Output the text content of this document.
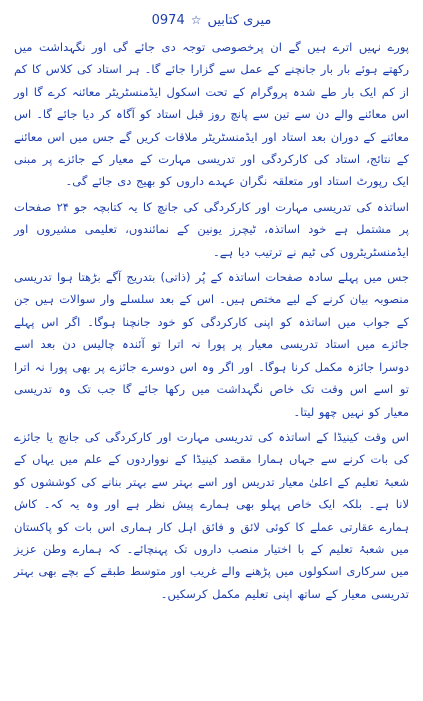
میری کتابیں
☆
0974

پورے نہیں اترے ہیں گے ان پرخصوصی توجہ دی جائے گی اور نگہداشت میں رکھتے ہوئے بار بار جانچنے کے عمل سے گزارا جائے گا۔ ہر استاد کی کلاس کا کم از کم ایک بار طے شدہ پروگرام کے تحت اسکول ایڈمنسٹریٹر معائنہ کرے گا اور اس معائنے والے دن سے تین سے پانچ روز قبل استاد کو آگاہ کر دیا جائے گا۔ اس معائنے کے دوران بعد استاد اور ایڈمنسٹریٹر ملاقات کریں گے جس میں اس معائنے کے نتائج، استاد کی کارکردگی اور تدریسی مہارت کے معیار کے جائزے پر مبنی ایک رپورٹ استاد اور متعلقہ نگران عہدے داروں کو بھیج دی جائے گی۔

اساتذہ کی تدریسی مہارت اور کارکردگی کی جانچ کا یہ کتابچہ جو ۲۴ صفحات پر مشتمل ہے خود اساتذہ، ٹیچرز یونین کے نمائندوں، تعلیمی مشیروں اور ایڈمنسٹریٹروں کی ٹیم نے ترتیب دیا ہے۔

جس میں پہلے سادہ صفحات اساتذہ کے پُر (ذاتی) بتدریج آگے بڑھتا ہوا تدریسی منصوبہ بیان کرنے کے لیے مختص ہیں۔ اس کے بعد سلسلے وار سوالات ہیں جن کے جواب میں اساتذہ کو اپنی کارکردگی کو خود جانچنا ہوگا۔ اگر اس پہلے جائزے میں استاد تدریسی معیار پر پورا نہ اترا تو آئندہ چالیس دن بعد اسے دوسرا جائزہ مکمل کرنا ہوگا۔ اور اگر وہ اس دوسرے جائزے پر بھی پورا نہ اترا تو اسے اس وقت تک خاص نگہداشت میں رکھا جائے گا جب تک وہ تدریسی معیار کو نہیں چھو لیتا۔

اس وقت کینیڈا کے اساتذہ کی تدریسی مہارت اور کارکردگی کی جانچ یا جائزے کی بات کرنے سے جہاں ہمارا مقصد کینیڈا کے نوواردوں کے علم میں یہاں کے شعبۂ تعلیم کے اعلیٰ معیار تدریس اور اسے بہتر سے بہتر بنانے کی کوششوں کو لانا ہے۔ بلکہ ایک خاص پہلو بھی ہمارے پیش نظر ہے اور وہ یہ کہ۔ کاش ہمارے عقارتی عملے کا کوئی لائق و فائق اہل کار ہماری اس بات کو پاکستان میں شعبۂ تعلیم کے با اختیار منصب داروں تک پہنچائے۔ کہ ہمارے وطن عزیز میں سرکاری اسکولوں میں پڑھنے والے غریب اور متوسط طبقے کے بچے بھی بہتر تدریسی معیار کے ساتھ اپنی تعلیم مکمل کرسکیں۔
